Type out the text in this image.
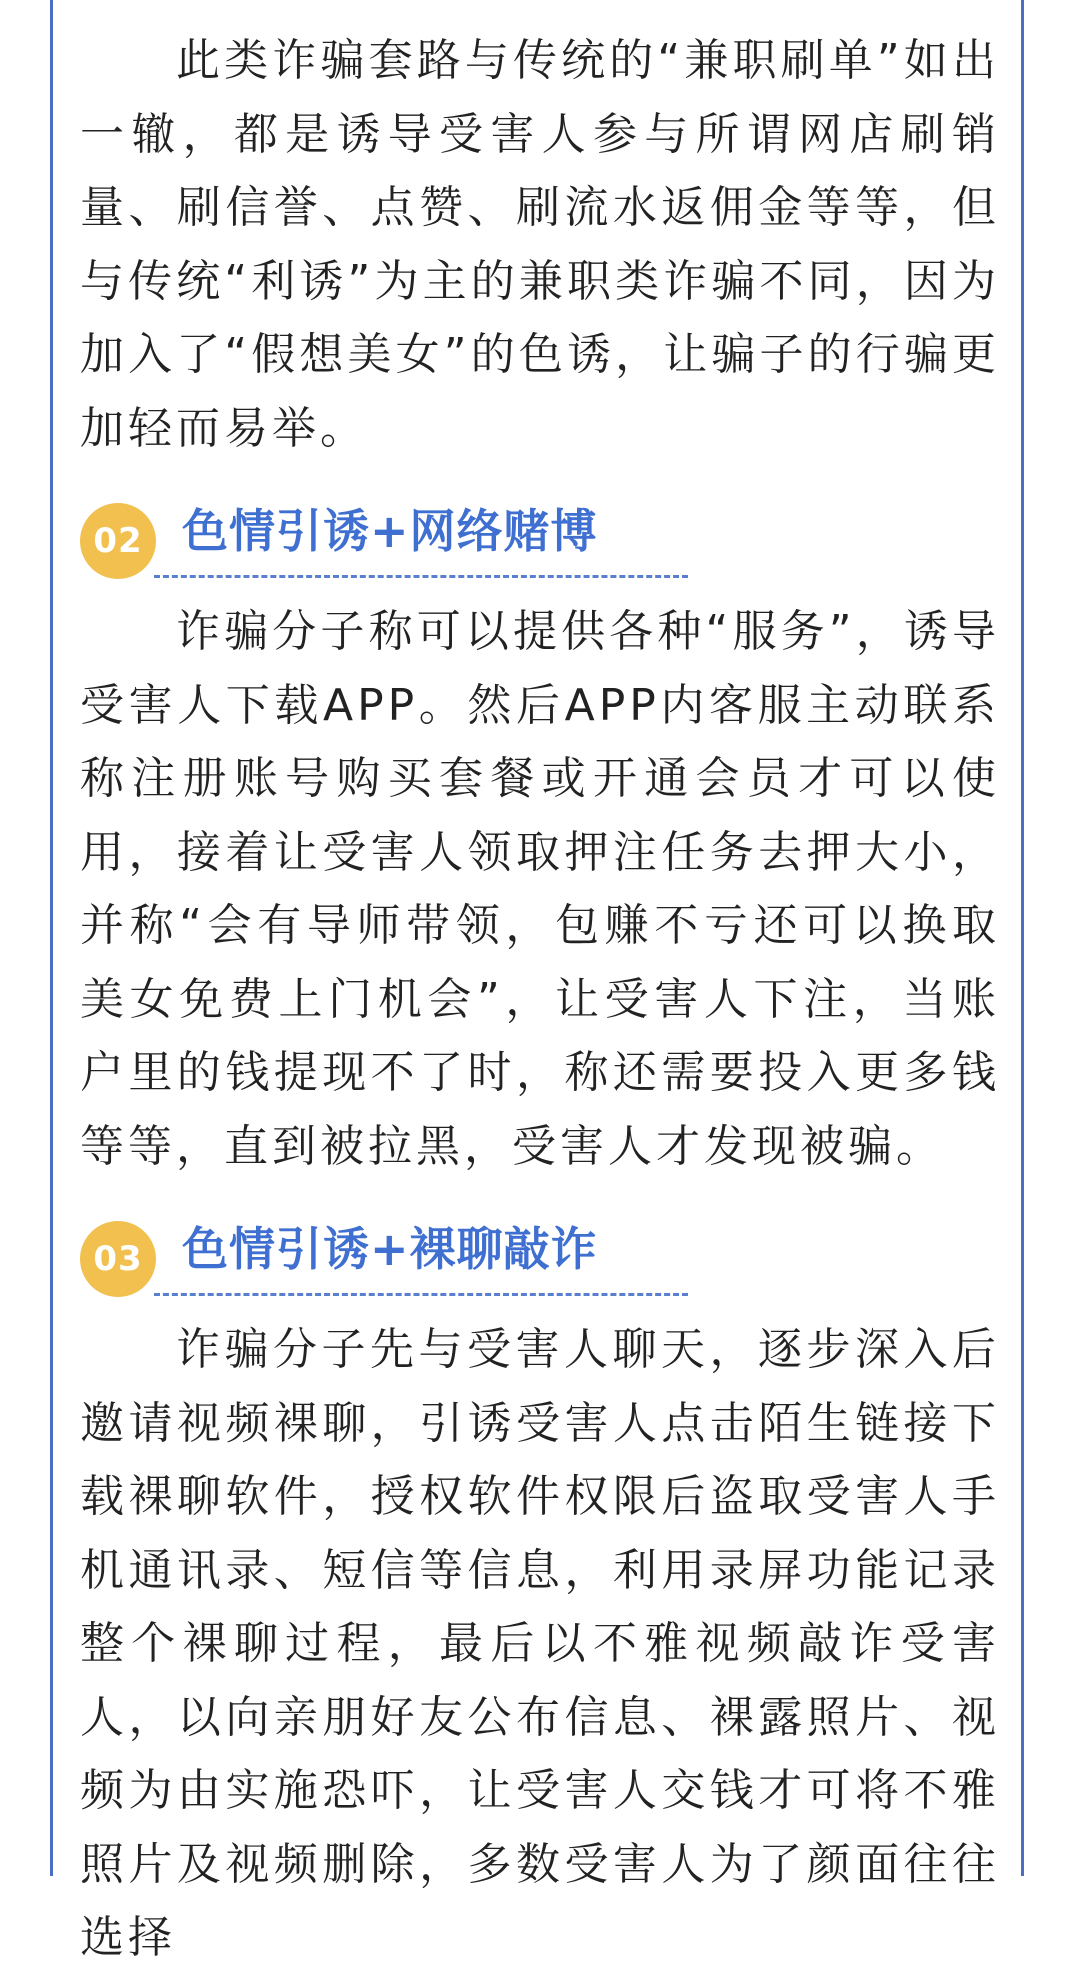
此类诈骗套路与传统的“兼职刷单”如出一辙，都是诱导受害人参与所谓网店刷销量、刷信誉、点赞、刷流水返佣金等等，但与传统“利诱”为主的兼职类诈骗不同，因为加入了“假想美女”的色诱，让骗子的行骗更加轻而易举。

02 色情引诱+网络赌博

诈骗分子称可以提供各种“服务”，诱导受害人下载APP。然后APP内客服主动联系称注册账号购买套餐或开通会员才可以使用，接着让受害人领取押注任务去押大小，并称“会有导师带领，包赚不亏还可以换取美女免费上门机会”，让受害人下注，当账户里的钱提现不了时，称还需要投入更多钱等等，直到被拉黑，受害人才发现被骗。

03 色情引诱+裸聊敲诈

诈骗分子先与受害人聊天，逐步深入后邀请视频裸聊，引诱受害人点击陌生链接下载裸聊软件，授权软件权限后盗取受害人手机通讯录、短信等信息，利用录屏功能记录整个裸聊过程，最后以不雅视频敲诈受害人，以向亲朋好友公布信息、裸露照片、视频为由实施恐吓，让受害人交钱才可将不雅照片及视频删除，多数受害人为了颜面往往选择
